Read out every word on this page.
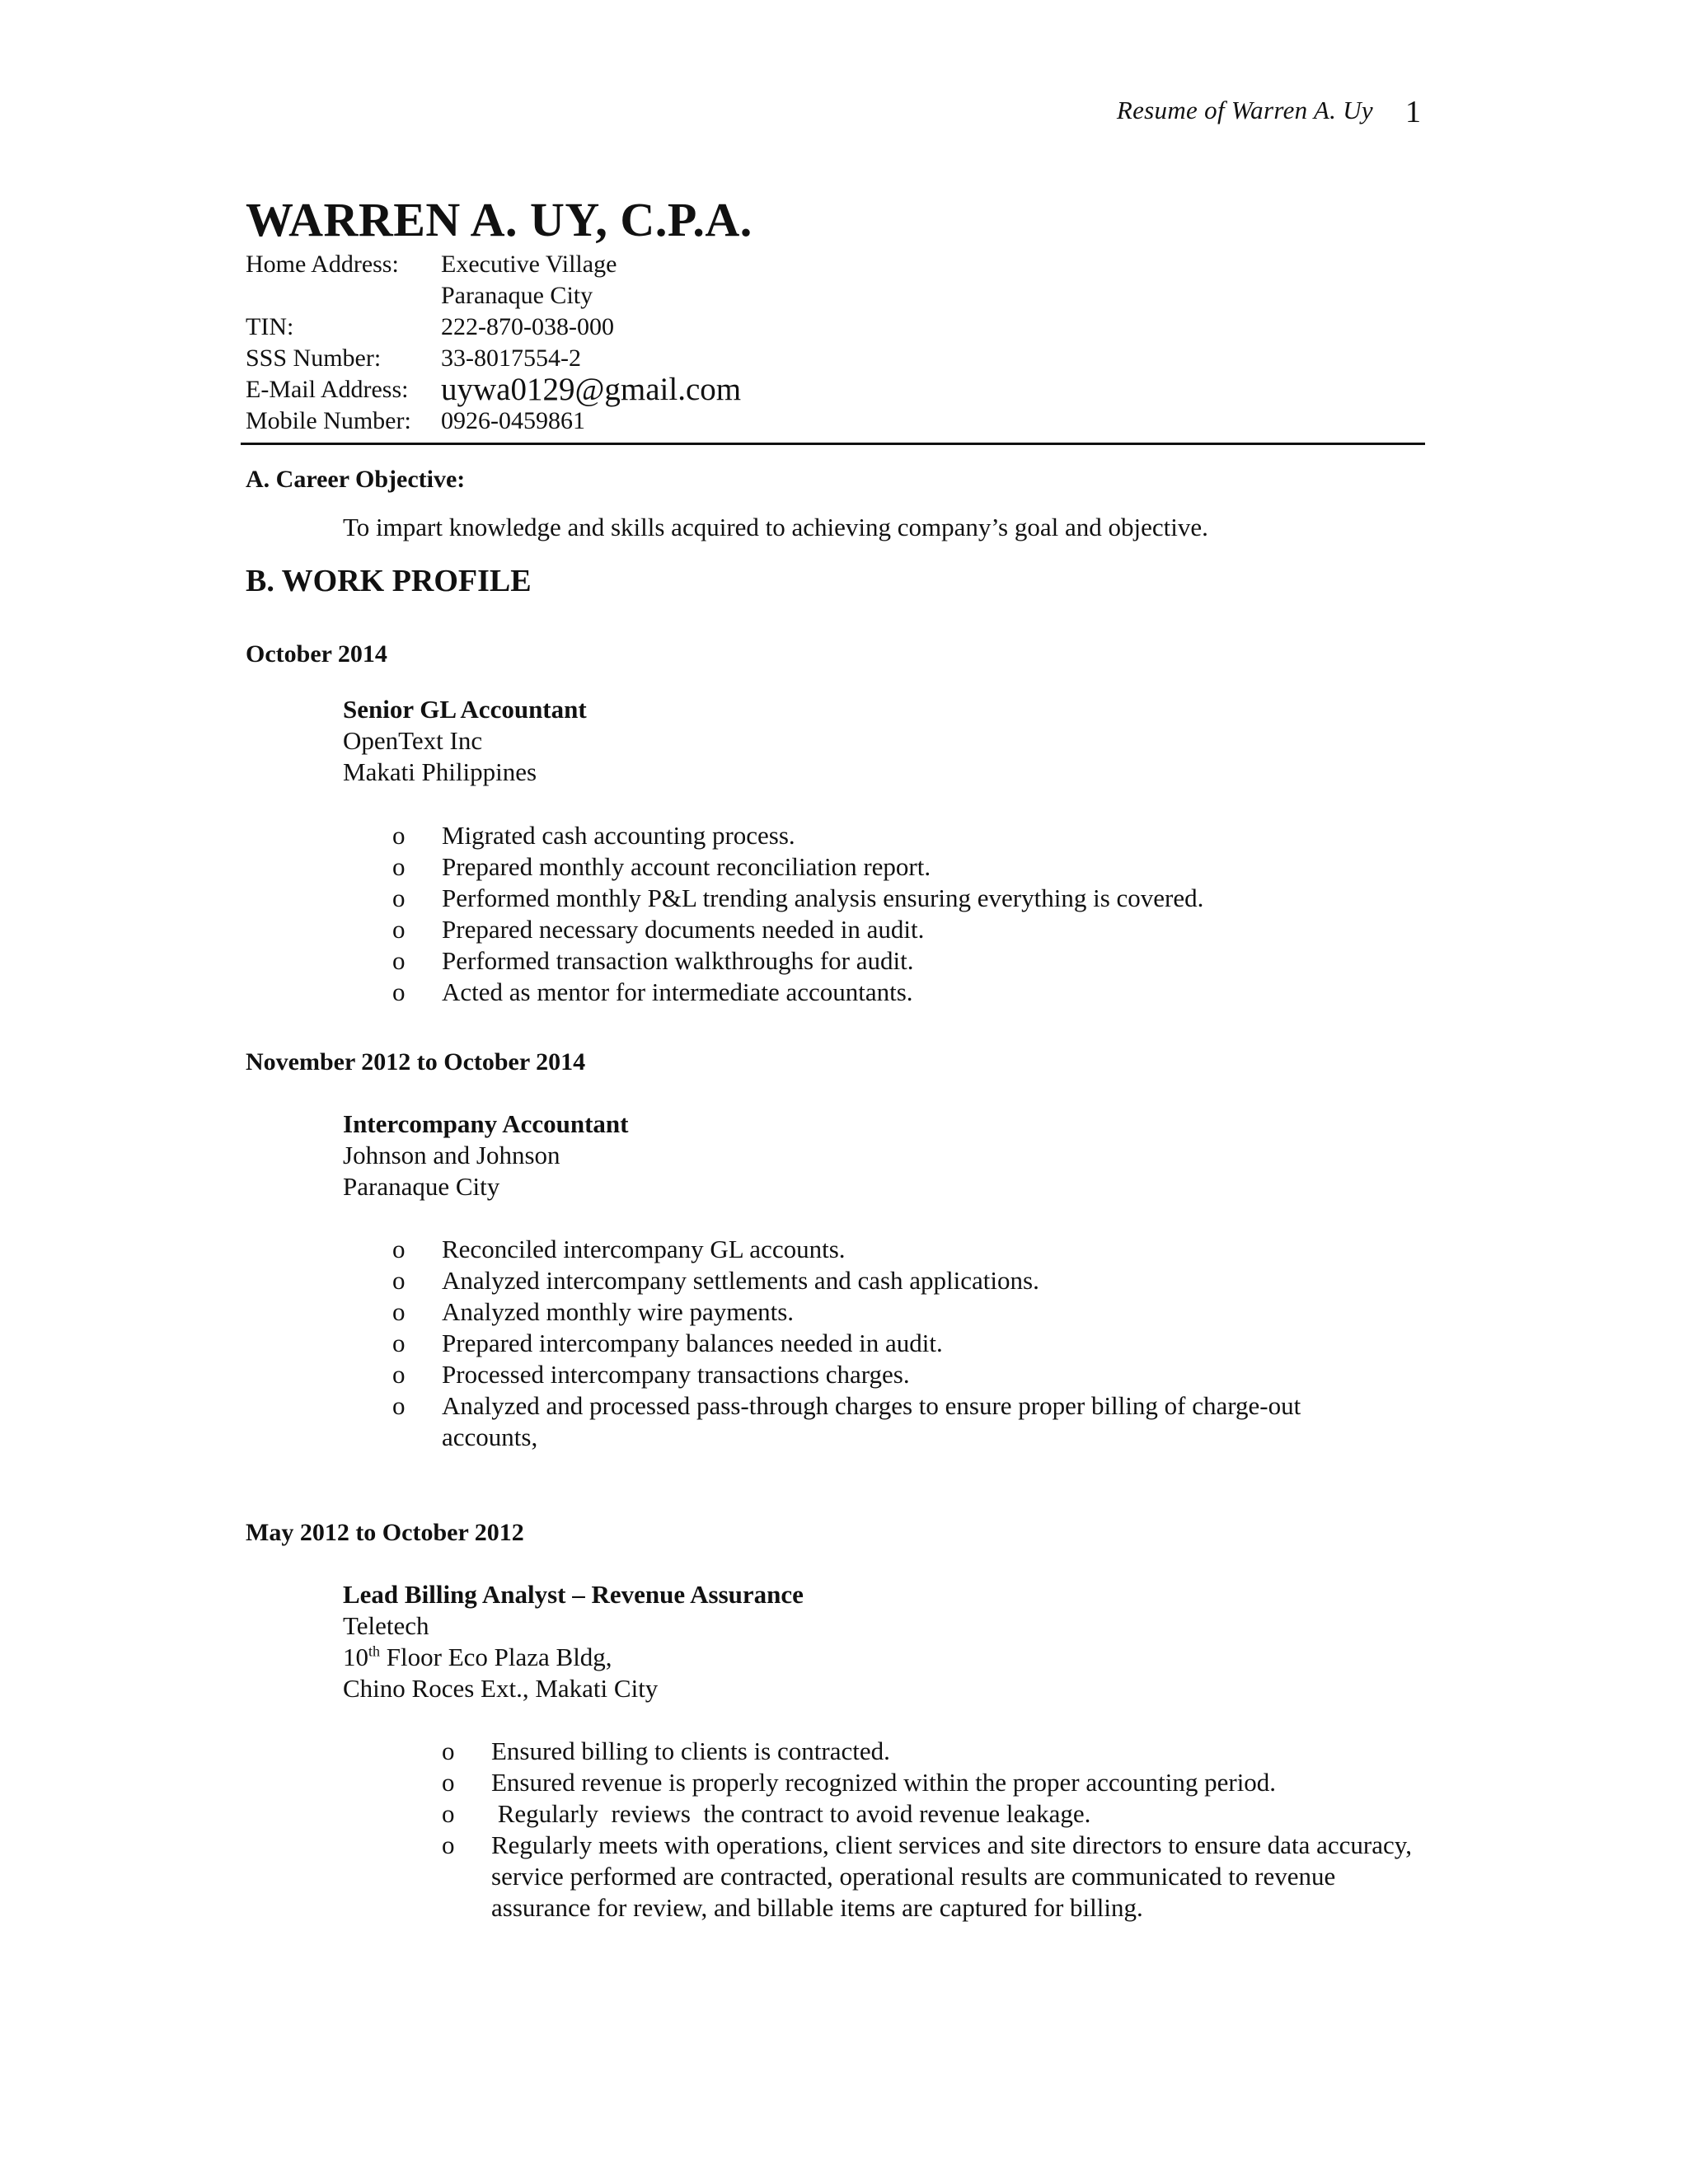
Resume of Warren A. Uy 1
WARREN A. UY, C.P.A.
Home Address:	Executive Village
Paranaque City
TIN:	222-870-038-000
SSS Number:	33-8017554-2
E-Mail Address:	uywa0129@gmail.com
Mobile Number:	0926-0459861
A. Career Objective:
To impart knowledge and skills acquired to achieving company’s goal and objective.
B. WORK PROFILE
October 2014
Senior GL Accountant
OpenText Inc
Makati Philippines
o	Migrated cash accounting process.
o	Prepared monthly account reconciliation report.
o	Performed monthly P&L trending analysis ensuring everything is covered.
o	Prepared necessary documents needed in audit.
o	Performed transaction walkthroughs for audit.
o	Acted as mentor for intermediate accountants.
November 2012 to October 2014
Intercompany Accountant
Johnson and Johnson
Paranaque City
o	Reconciled intercompany GL accounts.
o	Analyzed intercompany settlements and cash applications.
o	Analyzed monthly wire payments.
o	Prepared intercompany balances needed in audit.
o	Processed intercompany transactions charges.
o	Analyzed and processed pass-through charges to ensure proper billing of charge-out accounts,
May 2012 to October 2012
Lead Billing Analyst – Revenue Assurance
Teletech
10th Floor Eco Plaza Bldg,
Chino Roces Ext., Makati City
o	Ensured billing to clients is contracted.
o	Ensured revenue is properly recognized within the proper accounting period.
o	Regularly  reviews  the contract to avoid revenue leakage.
o	Regularly meets with operations, client services and site directors to ensure data accuracy, service performed are contracted, operational results are communicated to revenue assurance for review, and billable items are captured for billing.
